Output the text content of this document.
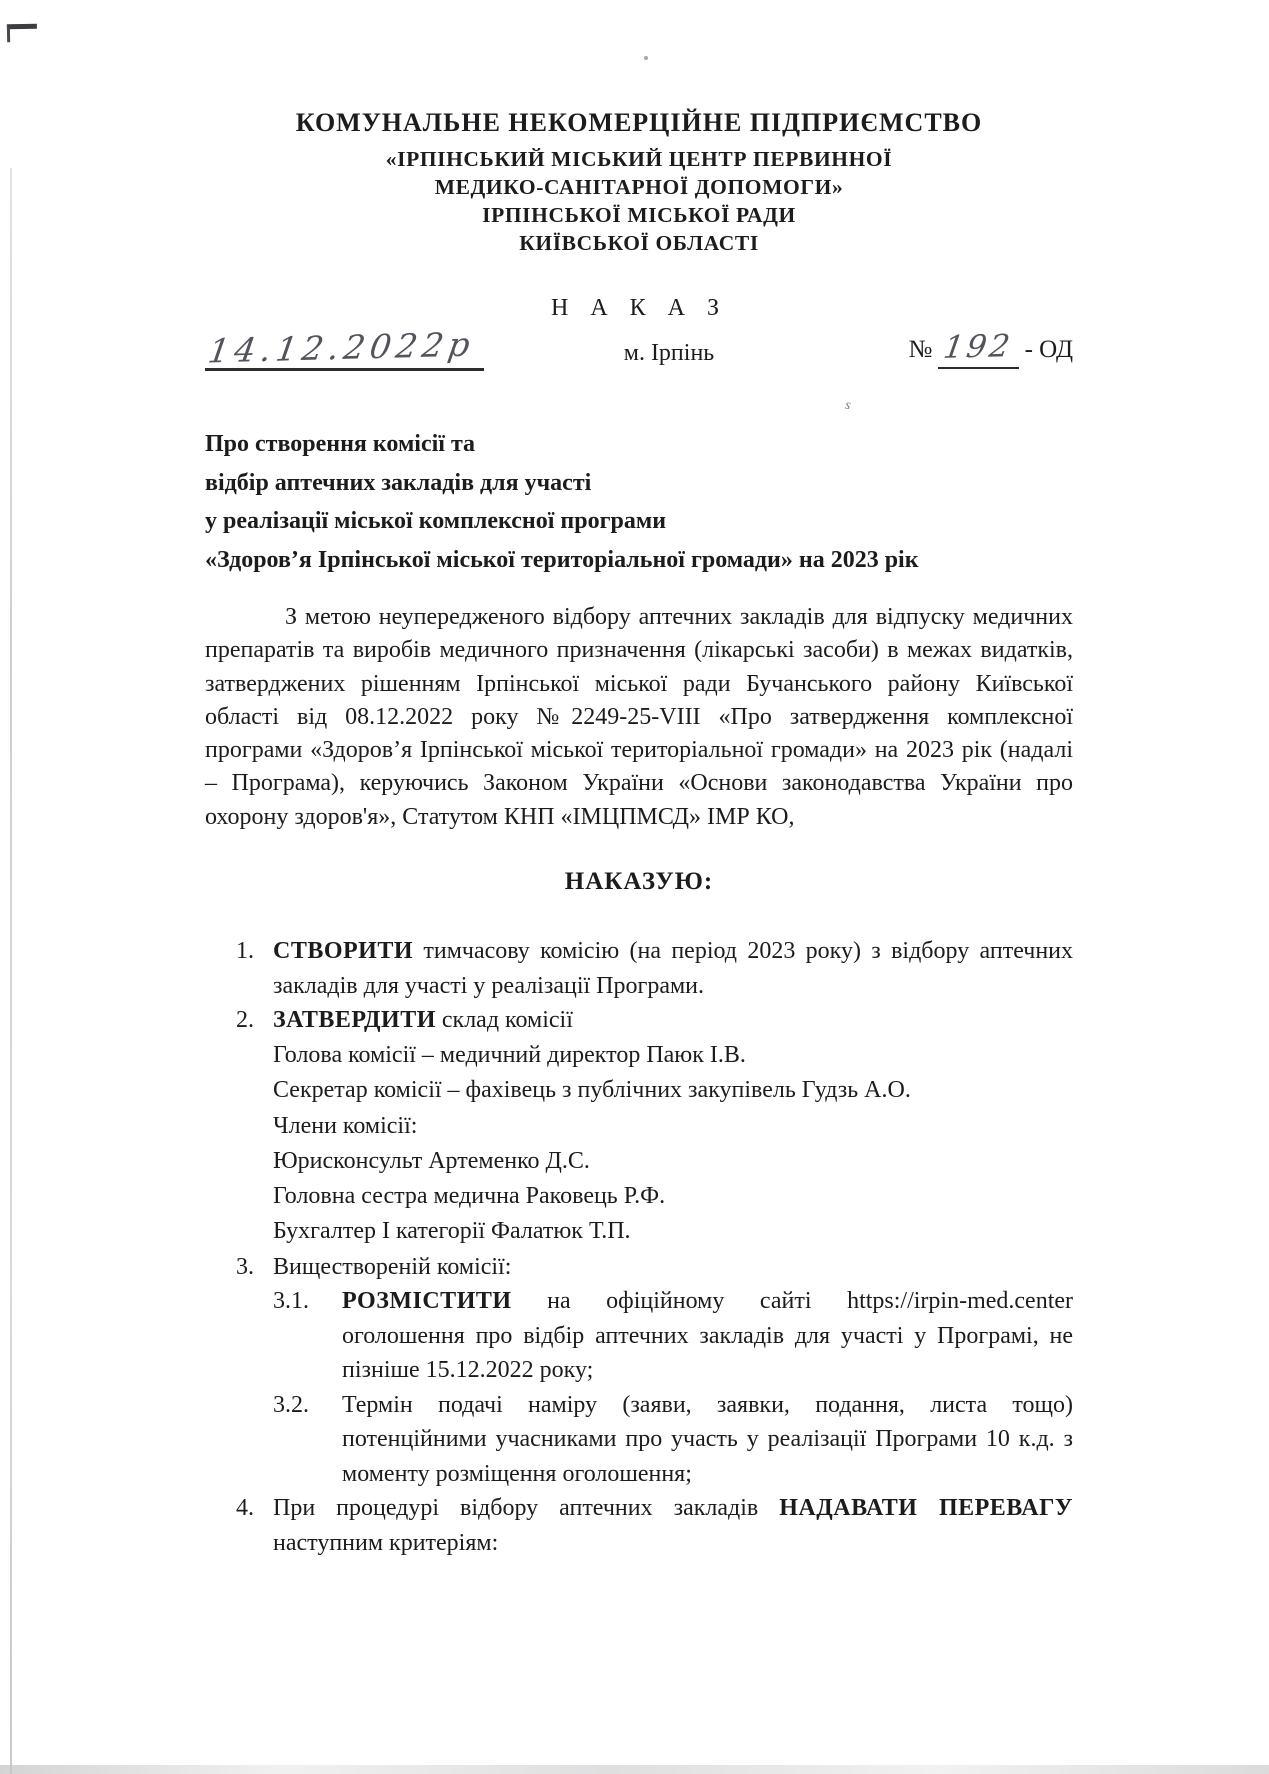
s
КОМУНАЛЬНЕ НЕКОМЕРЦІЙНЕ ПІДПРИЄМСТВО
«ІРПІНСЬКИЙ МІСЬКИЙ ЦЕНТР ПЕРВИННОЇ
МЕДИКО-САНІТАРНОЇ ДОПОМОГИ»
ІРПІНСЬКОЇ МІСЬКОЇ РАДИ
КИЇВСЬКОЇ ОБЛАСТІ
Н А К А З
14.12.2022р	м. Ірпінь	№ 192 - ОД
Про створення комісії та
відбір аптечних закладів для участі
у реалізації міської комплексної програми
«Здоров’я Ірпінської міської територіальної громади» на 2023 рік

З метою неупередженого відбору аптечних закладів для відпуску медичних препаратів та виробів медичного призначення (лікарські засоби) в межах видатків, затверджених рішенням Ірпінської міської ради Бучанського району Київської області від 08.12.2022 року №2249-25-VIII «Про затвердження комплексної програми «Здоров’я Ірпінської міської територіальної громади» на 2023 рік (надалі – Програма), керуючись Законом України «Основи законодавства України про охорону здоров'я», Статутом КНП «ІМЦПМСД» ІМР КО,

НАКАЗУЮ:
1. СТВОРИТИ тимчасову комісію (на період 2023 року) з відбору аптечних закладів для участі у реалізації Програми.
2. ЗАТВЕРДИТИ склад комісії
Голова комісії – медичний директор Паюк І.В.
Секретар комісії – фахівець з публічних закупівель Гудзь А.О.
Члени комісії:
Юрисконсульт Артеменко Д.С.
Головна сестра медична Раковець Р.Ф.
Бухгалтер І категорії Фалатюк Т.П.
3. Виществореній комісії:
3.1.	РОЗМІСТИТИ на офіційному сайті https://irpin-med.center оголошення про відбір аптечних закладів для участі у Програмі, не пізніше 15.12.2022 року;
3.2.	Термін подачі наміру (заяви, заявки, подання, листа тощо) потенційними учасниками про участь у реалізації Програми 10 к.д. з моменту розміщення оголошення;
4. При процедурі відбору аптечних закладів НАДАВАТИ ПЕРЕВАГУ наступним критеріям:
